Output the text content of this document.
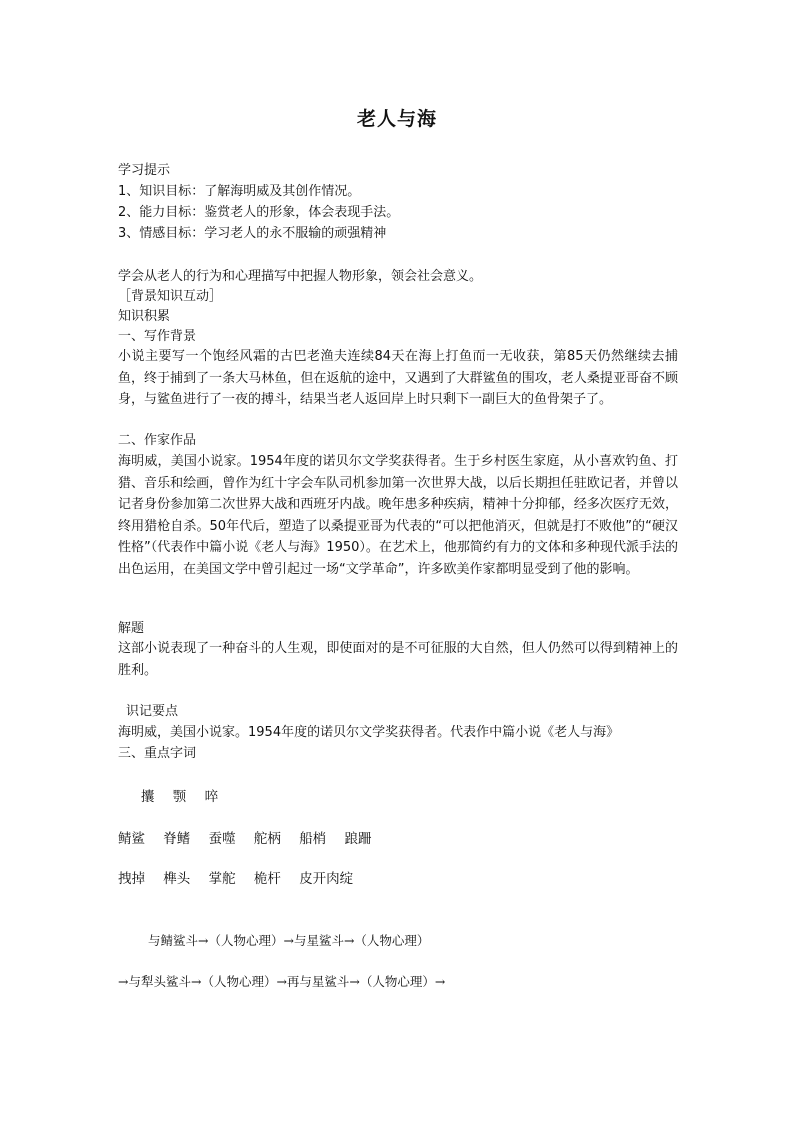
老人与海
学习提示
1、知识目标：了解海明威及其创作情况。
2、能力目标：鉴赏老人的形象，体会表现手法。
3、情感目标：学习老人的永不服输的顽强精神
学会从老人的行为和心理描写中把握人物形象，领会社会意义。
［背景知识互动］
知识积累
一、写作背景
小说主要写一个饱经风霜的古巴老渔夫连续84天在海上打鱼而一无收获，第85天仍然继续去捕鱼，终于捕到了一条大马林鱼，但在返航的途中，又遇到了大群鲨鱼的围攻，老人桑提亚哥奋不顾身，与鲨鱼进行了一夜的搏斗，结果当老人返回岸上时只剩下一副巨大的鱼骨架子了。
二、作家作品
海明威，美国小说家。1954年度的诺贝尔文学奖获得者。生于乡村医生家庭，从小喜欢钓鱼、打猎、音乐和绘画，曾作为红十字会车队司机参加第一次世界大战，以后长期担任驻欧记者，并曾以记者身份参加第二次世界大战和西班牙内战。晚年患多种疾病，精神十分抑郁，经多次医疗无效，终用猎枪自杀。50年代后，塑造了以桑提亚哥为代表的“可以把他消灭，但就是打不败他”的“硬汉性格”（代表作中篇小说《老人与海》1950）。在艺术上，他那简约有力的文体和多种现代派手法的出色运用，在美国文学中曾引起过一场“文学革命”，许多欧美作家都明显受到了他的影响。
解题
这部小说表现了一种奋斗的人生观，即使面对的是不可征服的大自然，但人仍然可以得到精神上的胜利。
识记要点
海明威，美国小说家。1954年度的诺贝尔文学奖获得者。代表作中篇小说《老人与海》
三、重点字词
攮 颚 啐
鲭鲨 脊鳍 蚕噬 舵柄 船梢 踉跚
拽掉 榫头 掌舵 桅杆 皮开肉绽
与鲭鲨斗→（人物心理）→与星鲨斗→（人物心理）
→与犁头鲨斗→（人物心理）→再与星鲨斗→（人物心理）→
